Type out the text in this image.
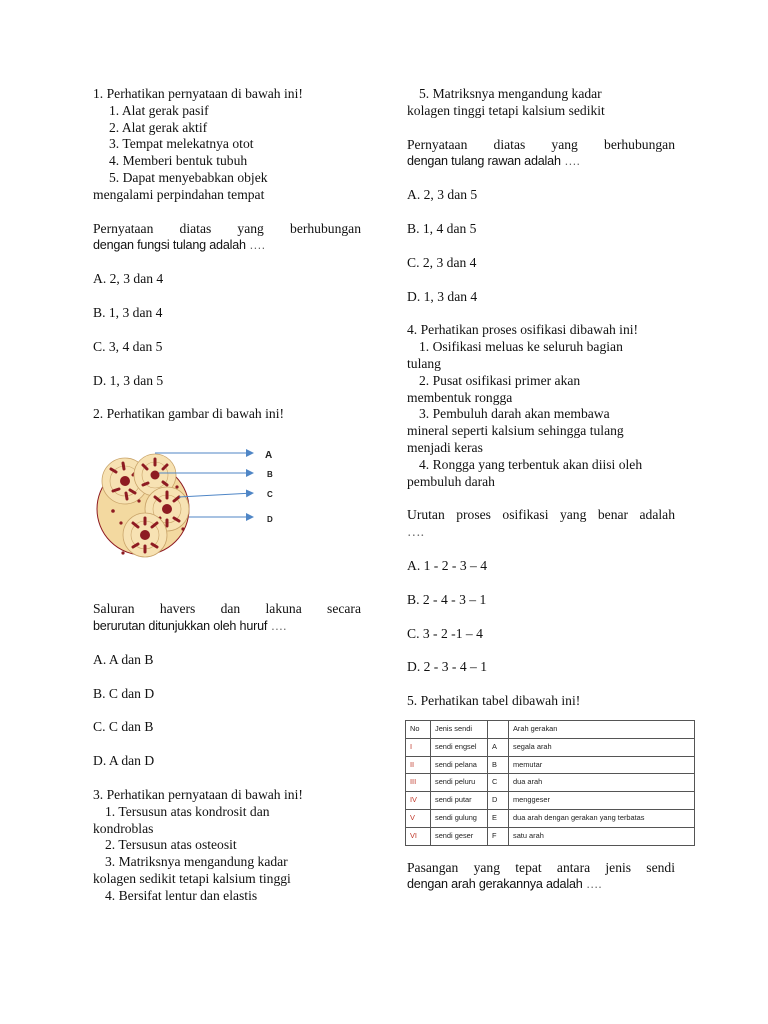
1. Perhatikan pernyataan di bawah ini!

1. Alat gerak pasif

2. Alat gerak aktif

3. Tempat melekatnya otot

4. Memberi bentuk tubuh

5. Dapat menyebabkan objek

mengalami perpindahan tempat

Pernyataan diatas yang berhubungan

dengan fungsi tulang adalah ….

A. 2, 3 dan 4

B. 1, 3 dan 4

C. 3, 4 dan 5

D. 1, 3 dan 5

2. Perhatikan gambar di bawah ini!

A
B
C
D

Saluran havers dan lakuna secara

berurutan ditunjukkan oleh huruf ….

A. A dan B

B. C dan D

C. C dan B

D. A dan D

3. Perhatikan pernyataan di bawah ini!

1. Tersusun atas kondrosit dan

kondroblas

2. Tersusun atas osteosit

3. Matriksnya mengandung kadar

kolagen sedikit tetapi kalsium tinggi

4. Bersifat lentur dan elastis

5. Matriksnya mengandung kadar

kolagen tinggi tetapi kalsium sedikit

Pernyataan diatas yang berhubungan

dengan tulang rawan adalah ….

A. 2, 3 dan 5

B. 1, 4 dan 5

C. 2, 3 dan 4

D. 1, 3 dan 4

4. Perhatikan proses osifikasi dibawah ini!

1. Osifikasi meluas ke seluruh bagian

tulang

2. Pusat osifikasi primer akan

membentuk rongga

3. Pembuluh darah akan membawa

mineral seperti kalsium sehingga tulang

menjadi keras

4. Rongga yang terbentuk akan diisi oleh

pembuluh darah

Urutan proses osifikasi yang benar adalah

….

A. 1 - 2 - 3 – 4

B. 2 - 4 - 3 – 1

C. 3 - 2 -1 – 4

D. 2 - 3 - 4 – 1

5. Perhatikan tabel dibawah ini!

No	Jenis sendi		Arah gerakan
I	sendi engsel	A	segala arah
II	sendi pelana	B	memutar
III	sendi peluru	C	dua arah
IV	sendi putar	D	menggeser
V	sendi gulung	E	dua arah dengan gerakan yang terbatas
VI	sendi geser	F	satu arah

Pasangan yang tepat antara jenis sendi

dengan arah gerakannya adalah ….
